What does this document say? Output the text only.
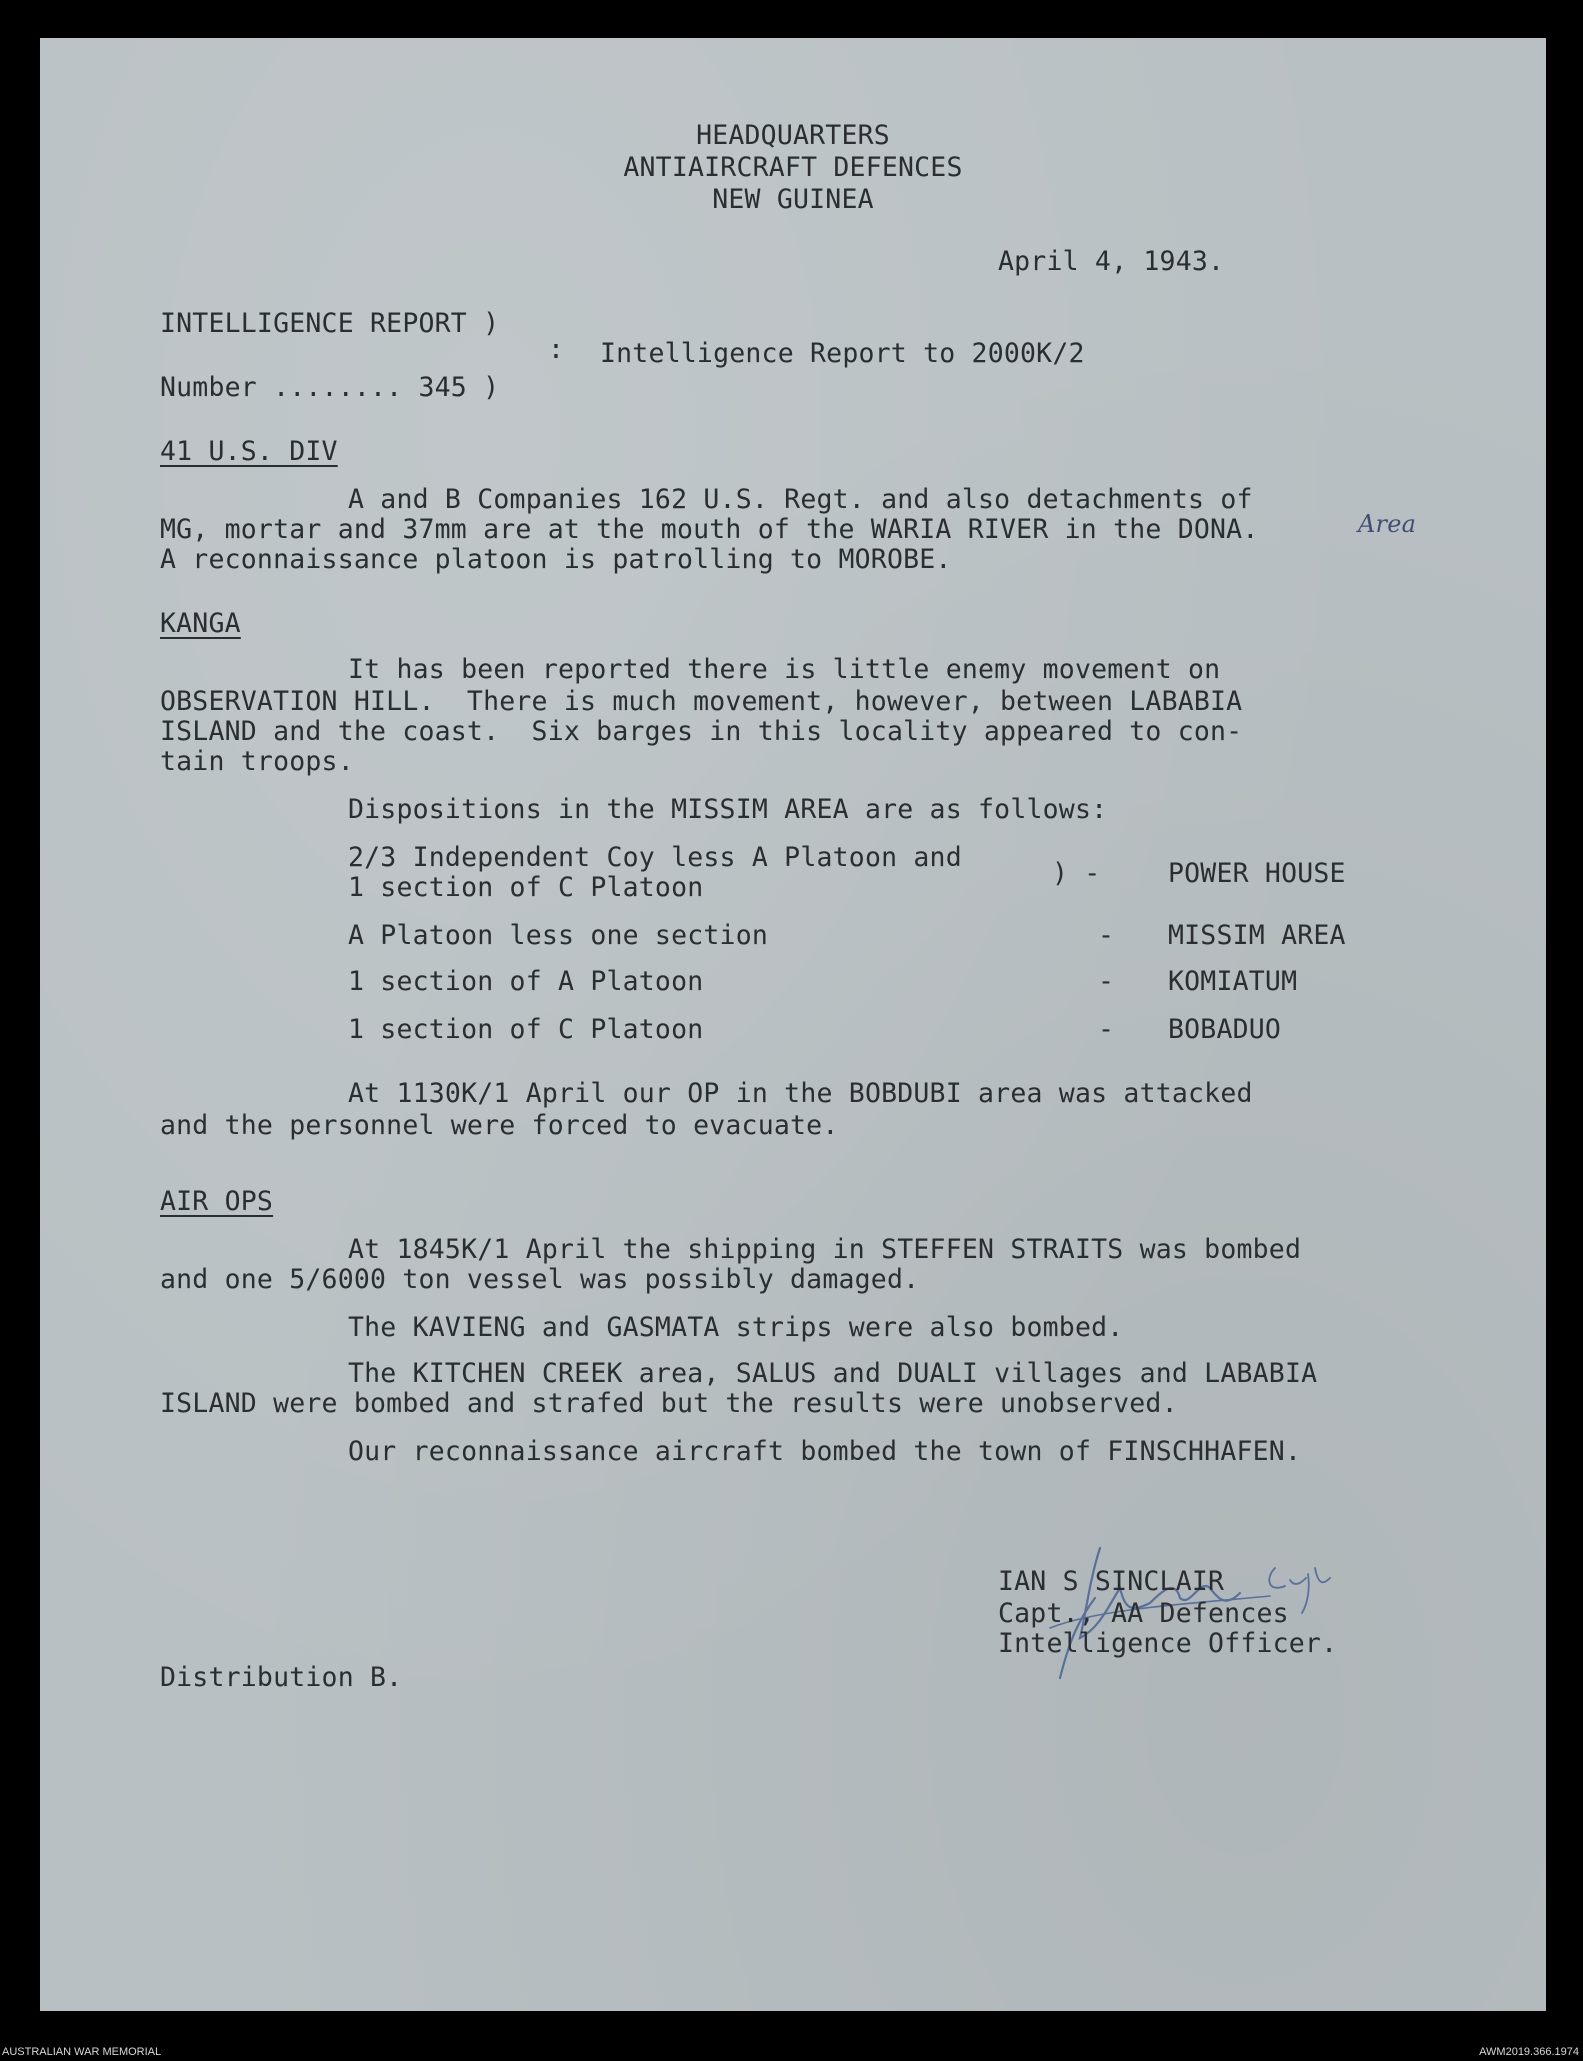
HEADQUARTERS

ANTIAIRCRAFT DEFENCES

NEW GUINEA

April 4, 1943.

INTELLIGENCE REPORT )

: Intelligence Report to 2000K/2

Number ........ 345 )

41 U.S. DIV

A and B Companies 162 U.S. Regt. and also detachments of

MG, mortar and 37mm are at the mouth of the WARIA RIVER in the DONA.

A reconnaissance platoon is patrolling to MOROBE.

Area

KANGA

It has been reported there is little enemy movement on

OBSERVATION HILL.  There is much movement, however, between LABABIA

ISLAND and the coast.  Six barges in this locality appeared to con-

tain troops.

Dispositions in the MISSIM AREA are as follows:

2/3 Independent Coy less A Platoon and

1 section of C Platoon	) -	POWER HOUSE

A Platoon less one section	- MISSIM AREA

1 section of A Platoon	- KOMIATUM

1 section of C Platoon	- BOBADUO

At 1130K/1 April our OP in the BOBDUBI area was attacked

and the personnel were forced to evacuate.

AIR OPS

At 1845K/1 April the shipping in STEFFEN STRAITS was bombed

and one 5/6000 ton vessel was possibly damaged.

The KAVIENG and GASMATA strips were also bombed.

The KITCHEN CREEK area, SALUS and DUALI villages and LABABIA

ISLAND were bombed and strafed but the results were unobserved.

Our reconnaissance aircraft bombed the town of FINSCHHAFEN.

IAN S SINCLAIR

Capt., AA Defences

Intelligence Officer.

Distribution B.

AUSTRALIAN WAR MEMORIAL	AWM2019.366.1974
